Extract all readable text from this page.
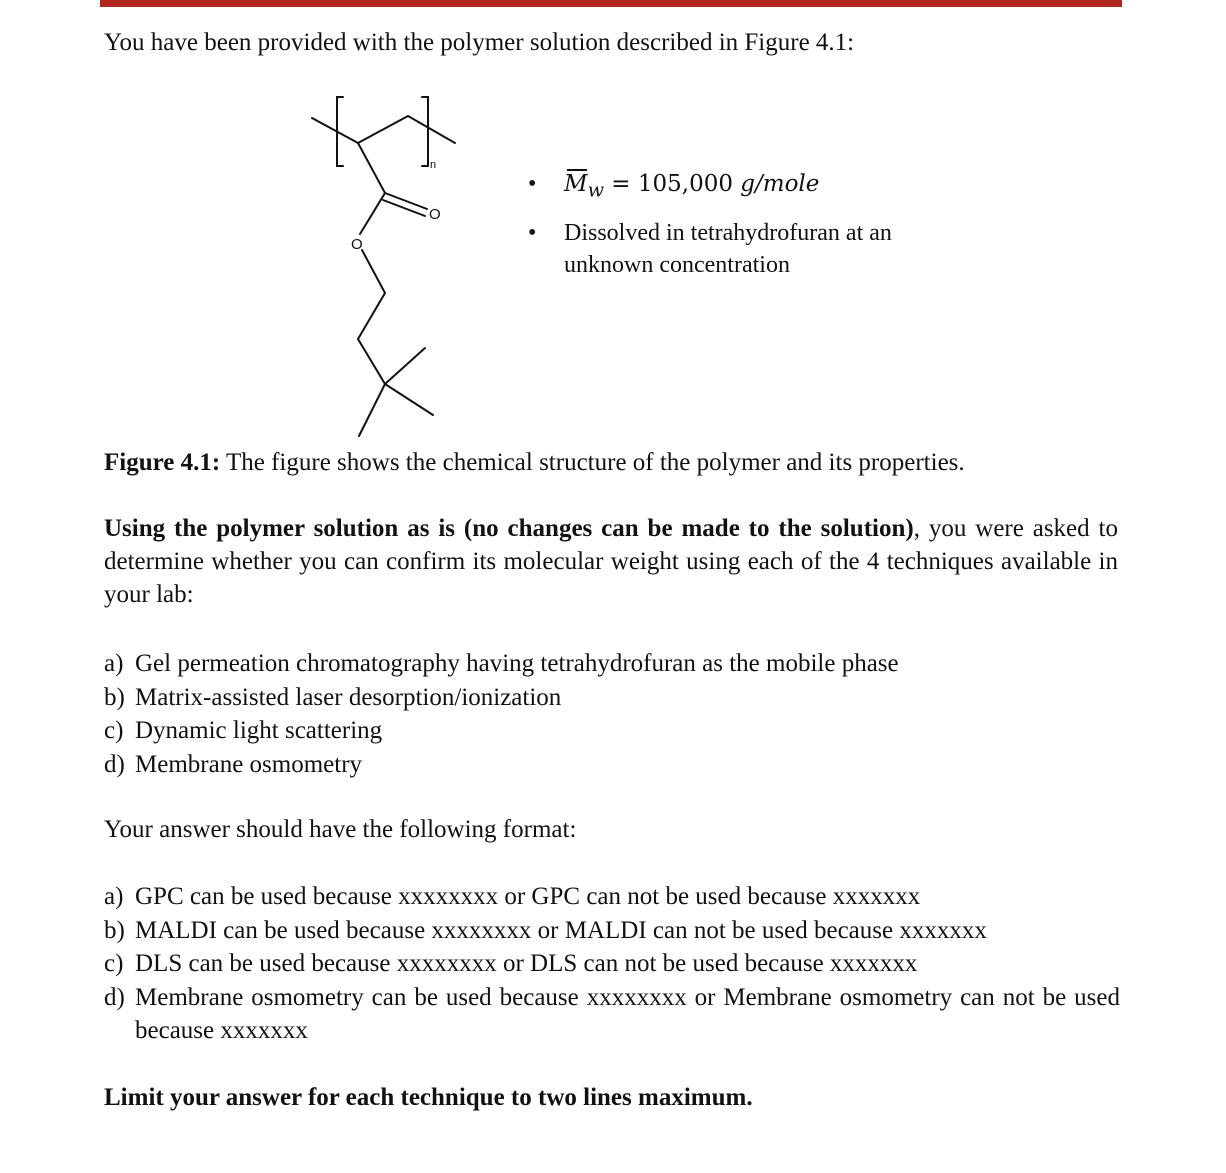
You have been provided with the polymer solution described in Figure 4.1:

n
O
O
• $M_w = 105,000$ g/mole
• Dissolved in tetrahydrofuran at an unknown concentration

Figure 4.1: The figure shows the chemical structure of the polymer and its properties.

Using the polymer solution as is (no changes can be made to the solution), you were asked to determine whether you can confirm its molecular weight using each of the 4 techniques available in your lab:

a) Gel permeation chromatography having tetrahydrofuran as the mobile phase
b) Matrix-assisted laser desorption/ionization
c) Dynamic light scattering
d) Membrane osmometry

Your answer should have the following format:

a) GPC can be used because xxxxxxxx or GPC can not be used because xxxxxxx
b) MALDI can be used because xxxxxxxx or MALDI can not be used because xxxxxxx
c) DLS can be used because xxxxxxxx or DLS can not be used because xxxxxxx
d) Membrane osmometry can be used because xxxxxxxx or Membrane osmometry can not be used because xxxxxxx

Limit your answer for each technique to two lines maximum.
